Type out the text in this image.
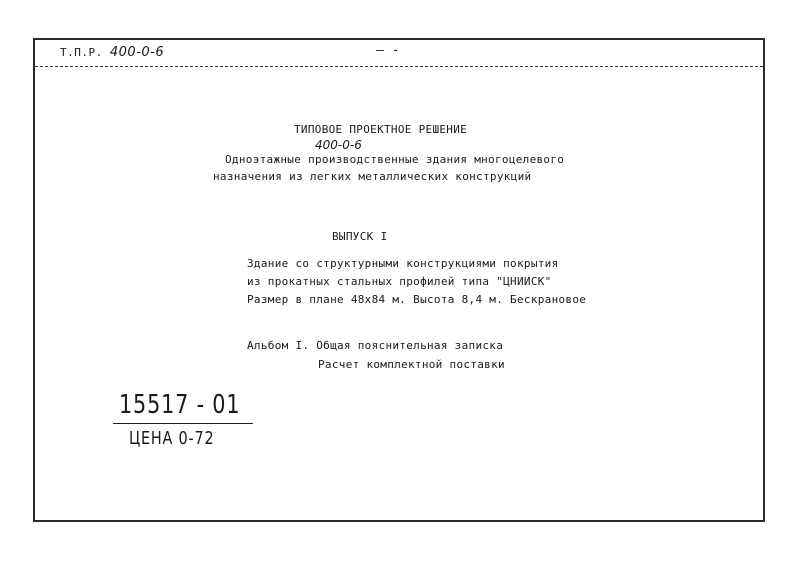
Т.П.Р. 400-0-6	— -
ТИПОВОЕ ПРОЕКТНОЕ РЕШЕНИЕ
400-0-6
Одноэтажные производственные здания многоцелевого
назначения из легких металлических конструкций
ВЫПУСК I
Здание со структурными конструкциями покрытия
из прокатных стальных профилей типа "ЦНИИСК"
Размер в плане 48х84 м. Высота 8,4 м. Бескрановое
Альбом I. Общая пояснительная записка
Расчет комплектной поставки
15517 - 01
ЦЕНА 0-72
